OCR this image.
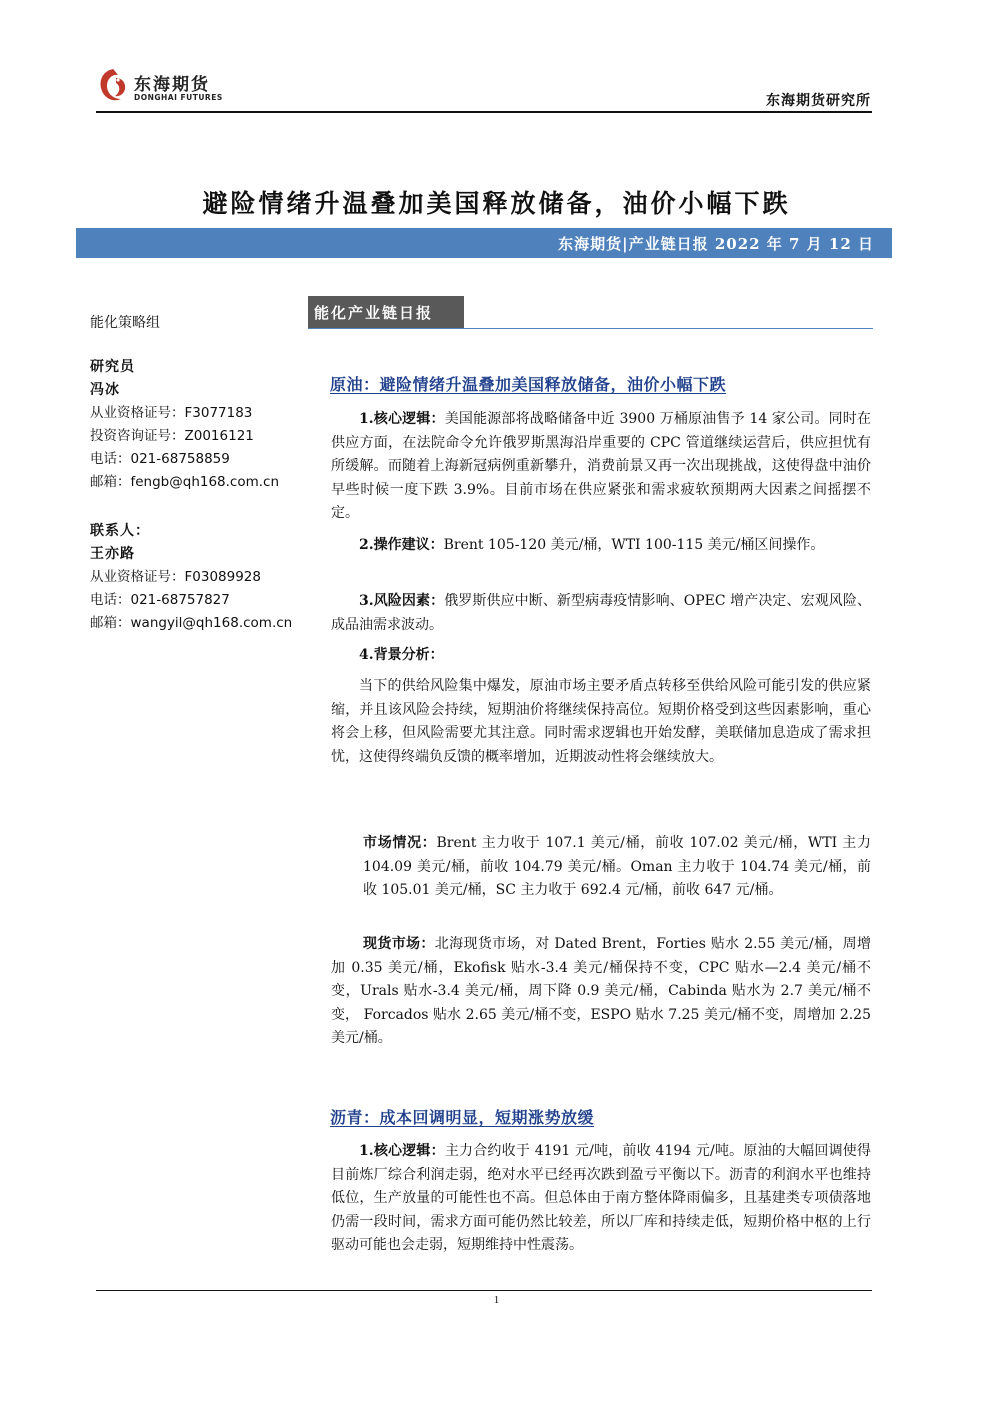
东海期货
DONGHAI FUTURES	东海期货研究所
避险情绪升温叠加美国释放储备，油价小幅下跌
东海期货|产业链日报 2022 年 7 月 12 日
能化策略组
研究员
冯冰
从业资格证号：F3077183
投资咨询证号：Z0016121
电话：021-68758859
邮箱：fengb@qh168.com.cn
联系人：
王亦路
从业资格证号：F03089928
电话：021-68757827
邮箱：wangyil@qh168.com.cn
能化产业链日报
原油：避险情绪升温叠加美国释放储备，油价小幅下跌
1.核心逻辑：美国能源部将战略储备中近 3900 万桶原油售予 14 家公司。同时在供应方面，在法院命令允许俄罗斯黑海沿岸重要的 CPC 管道继续运营后，供应担忧有所缓解。而随着上海新冠病例重新攀升，消费前景又再一次出现挑战，这使得盘中油价早些时候一度下跌 3.9%。目前市场在供应紧张和需求疲软预期两大因素之间摇摆不定。
2.操作建议：Brent 105-120 美元/桶，WTI 100-115 美元/桶区间操作。
3.风险因素：俄罗斯供应中断、新型病毒疫情影响、OPEC 增产决定、宏观风险、成品油需求波动。
4.背景分析：
当下的供给风险集中爆发，原油市场主要矛盾点转移至供给风险可能引发的供应紧缩，并且该风险会持续，短期油价将继续保持高位。短期价格受到这些因素影响，重心将会上移，但风险需要尤其注意。同时需求逻辑也开始发酵，美联储加息造成了需求担忧，这使得终端负反馈的概率增加，近期波动性将会继续放大。
市场情况：Brent 主力收于 107.1 美元/桶，前收 107.02 美元/桶，WTI 主力 104.09 美元/桶，前收 104.79 美元/桶。Oman 主力收于 104.74 美元/桶，前收 105.01 美元/桶，SC 主力收于 692.4 元/桶，前收 647 元/桶。
现货市场：北海现货市场，对 Dated Brent，Forties 贴水 2.55 美元/桶，周增加 0.35 美元/桶，Ekofisk 贴水-3.4 美元/桶保持不变，CPC 贴水—2.4 美元/桶不变，Urals 贴水-3.4 美元/桶，周下降 0.9 美元/桶，Cabinda 贴水为 2.7 美元/桶不变， Forcados 贴水 2.65 美元/桶不变，ESPO 贴水 7.25 美元/桶不变，周增加 2.25 美元/桶。
沥青：成本回调明显，短期涨势放缓
1.核心逻辑：主力合约收于 4191 元/吨，前收 4194 元/吨。原油的大幅回调使得目前炼厂综合利润走弱，绝对水平已经再次跌到盈亏平衡以下。沥青的利润水平也维持低位，生产放量的可能性也不高。但总体由于南方整体降雨偏多，且基建类专项债落地仍需一段时间，需求方面可能仍然比较差，所以厂库和持续走低，短期价格中枢的上行驱动可能也会走弱，短期维持中性震荡。
1
